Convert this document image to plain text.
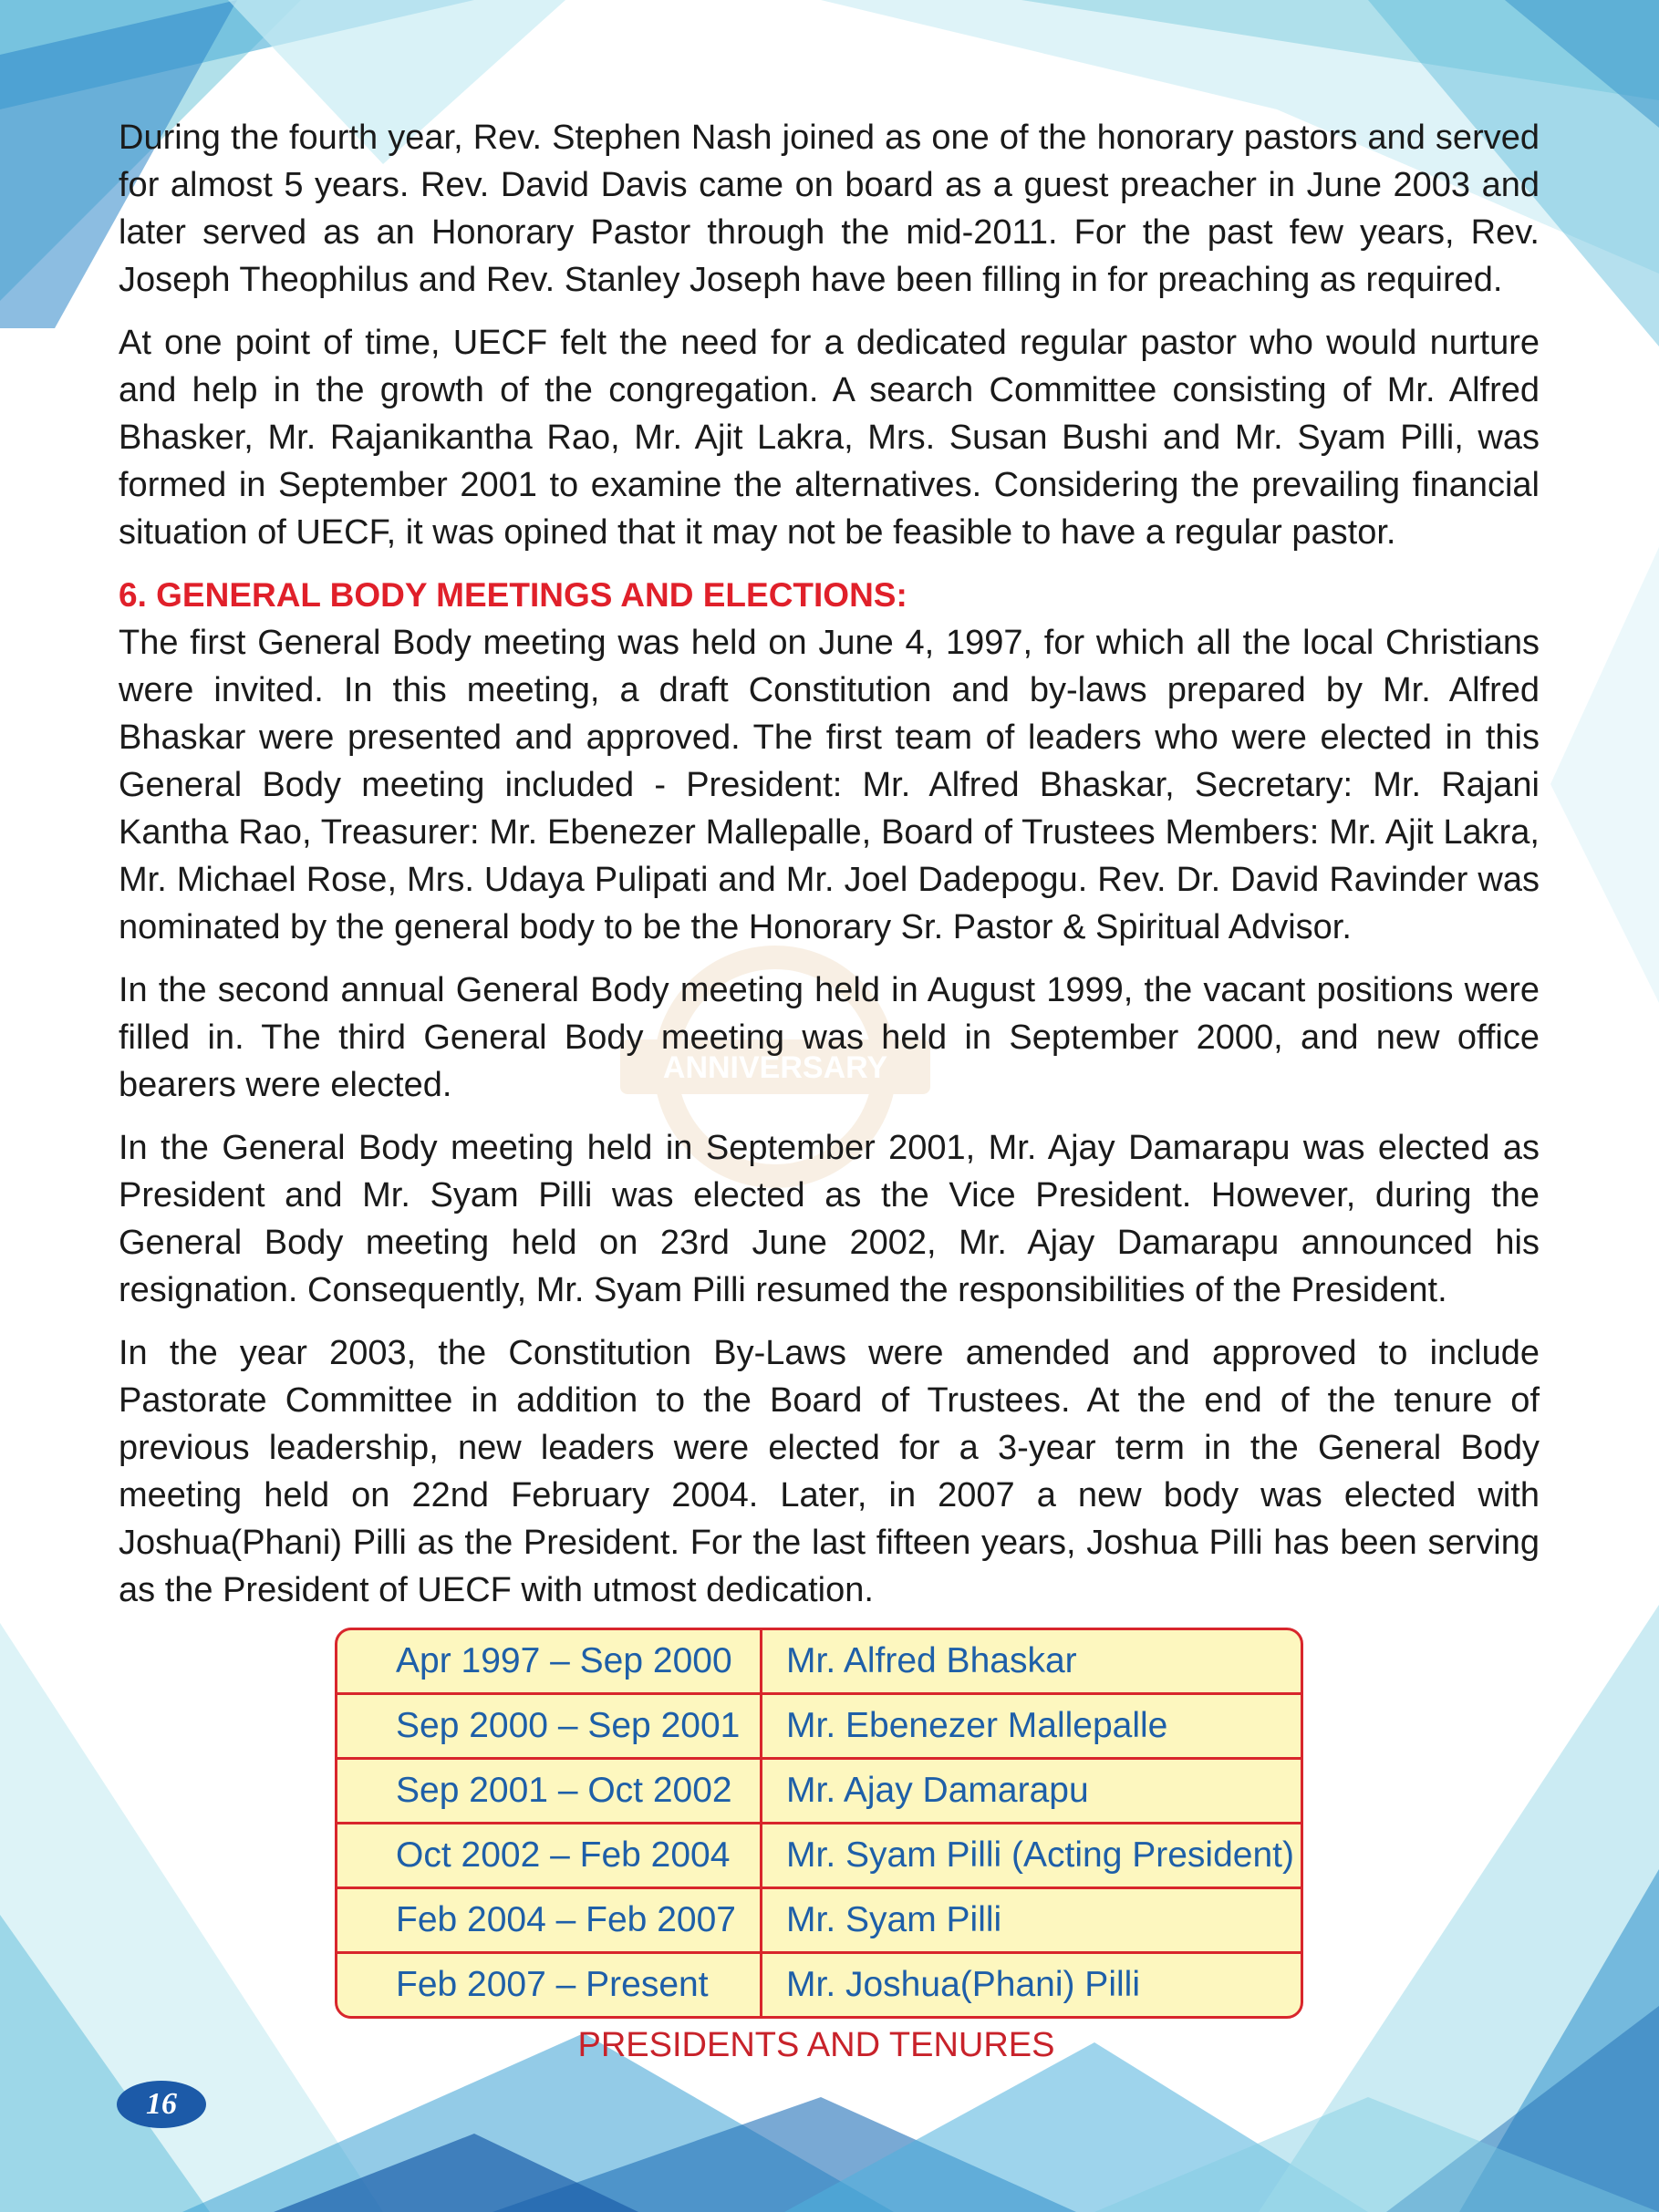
ANNIVERSARY

During the fourth year, Rev. Stephen Nash joined as one of the honorary pastors and served for almost 5 years. Rev. David Davis came on board as a guest preacher in June 2003 and later served as an Honorary Pastor through the mid-2011. For the past few years, Rev. Joseph Theophilus and Rev. Stanley Joseph have been filling in for preaching as required.

At one point of time, UECF felt the need for a dedicated regular pastor who would nurture and help in the growth of the congregation. A search Committee consisting of Mr. Alfred Bhasker, Mr. Rajanikantha Rao, Mr. Ajit Lakra, Mrs. Susan Bushi and Mr. Syam Pilli, was formed in September 2001 to examine the alternatives. Considering the prevailing financial situation of UECF, it was opined that it may not be feasible to have a regular pastor.

6. GENERAL BODY MEETINGS AND ELECTIONS:

The first General Body meeting was held on June 4, 1997, for which all the local Christians were invited. In this meeting, a draft Constitution and by-laws prepared by Mr. Alfred Bhaskar were presented and approved. The first team of leaders who were elected in this General Body meeting included - President: Mr. Alfred Bhaskar, Secretary: Mr. Rajani Kantha Rao, Treasurer: Mr. Ebenezer Mallepalle, Board of Trustees Members: Mr. Ajit Lakra, Mr. Michael Rose, Mrs. Udaya Pulipati and Mr. Joel Dadepogu. Rev. Dr. David Ravinder was nominated by the general body to be the Honorary Sr. Pastor & Spiritual Advisor.

In the second annual General Body meeting held in August 1999, the vacant positions were filled in. The third General Body meeting was held in September 2000, and new office bearers were elected.

In the General Body meeting held in September 2001, Mr. Ajay Damarapu was elected as President and Mr. Syam Pilli was elected as the Vice President. However, during the General Body meeting held on 23rd June 2002, Mr. Ajay Damarapu announced his resignation. Consequently, Mr. Syam Pilli resumed the responsibilities of the President.

In the year 2003, the Constitution By-Laws were amended and approved to include Pastorate Committee in addition to the Board of Trustees. At the end of the tenure of previous leadership, new leaders were elected for a 3-year term in the General Body meeting held on 22nd February 2004. Later, in 2007 a new body was elected with Joshua(Phani) Pilli as the President. For the last fifteen years, Joshua Pilli has been serving as the President of UECF with utmost dedication.

Apr 1997 – Sep 2000	Mr. Alfred Bhaskar
Sep 2000 – Sep 2001	Mr. Ebenezer Mallepalle
Sep 2001 – Oct 2002	Mr. Ajay Damarapu
Oct 2002 – Feb 2004	Mr. Syam Pilli (Acting President)
Feb 2004 – Feb 2007	Mr. Syam Pilli
Feb 2007 – Present	Mr. Joshua(Phani) Pilli
PRESIDENTS AND TENURES
16
